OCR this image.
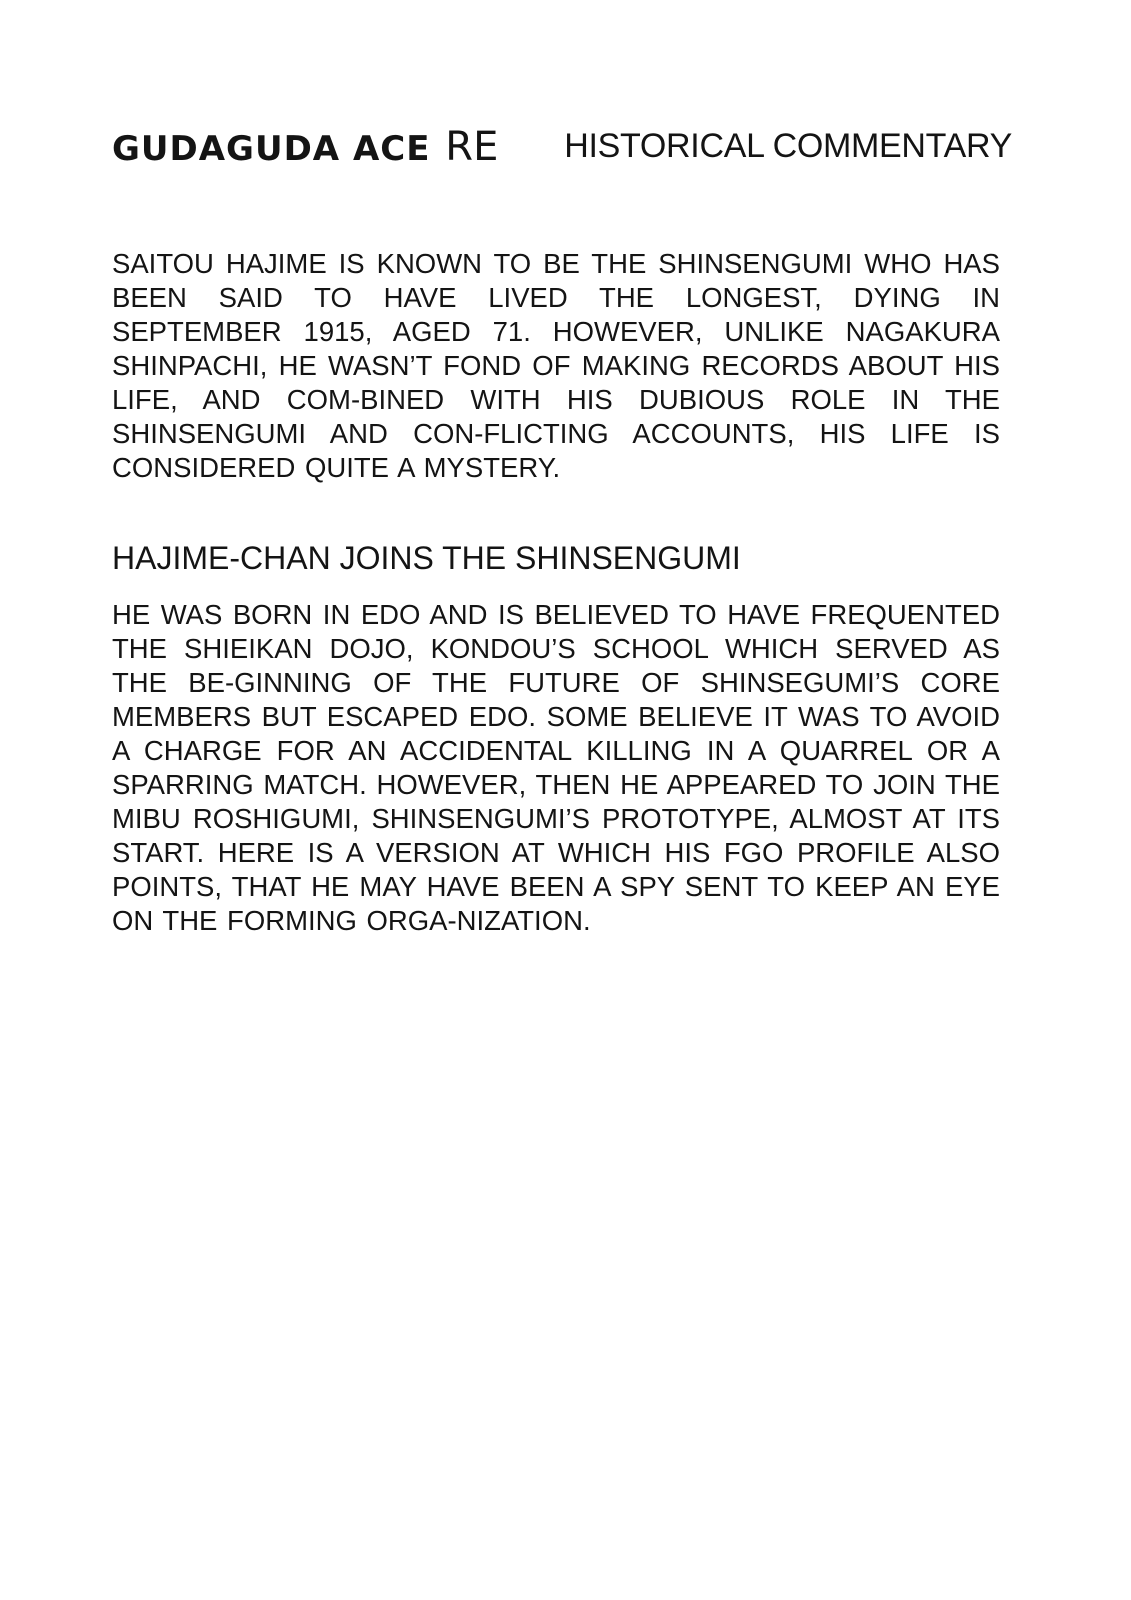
GUDAGUDA ACE RE HISTORICAL COMMENTARY

SAITOU HAJIME IS KNOWN TO BE THE SHINSENGUMI WHO HAS BEEN SAID TO HAVE LIVED THE LONGEST, DYING IN SEPTEMBER 1915, AGED 71. HOWEVER, UNLIKE NAGAKURA SHINPACHI, HE WASN’T FOND OF MAKING RECORDS ABOUT HIS LIFE, AND COM-BINED WITH HIS DUBIOUS ROLE IN THE SHINSENGUMI AND CON-FLICTING ACCOUNTS, HIS LIFE IS CONSIDERED QUITE A MYSTERY.

HAJIME-CHAN JOINS THE SHINSENGUMI

HE WAS BORN IN EDO AND IS BELIEVED TO HAVE FREQUENTED THE SHIEIKAN DOJO, KONDOU’S SCHOOL WHICH SERVED AS THE BE-GINNING OF THE FUTURE OF SHINSEGUMI’S CORE MEMBERS BUT ESCAPED EDO. SOME BELIEVE IT WAS TO AVOID A CHARGE FOR AN ACCIDENTAL KILLING IN A QUARREL OR A SPARRING MATCH. HOWEVER, THEN HE APPEARED TO JOIN THE MIBU ROSHIGUMI, SHINSENGUMI’S PROTOTYPE, ALMOST AT ITS START. HERE IS A VERSION AT WHICH HIS FGO PROFILE ALSO POINTS, THAT HE MAY HAVE BEEN A SPY SENT TO KEEP AN EYE ON THE FORMING ORGA-NIZATION.
